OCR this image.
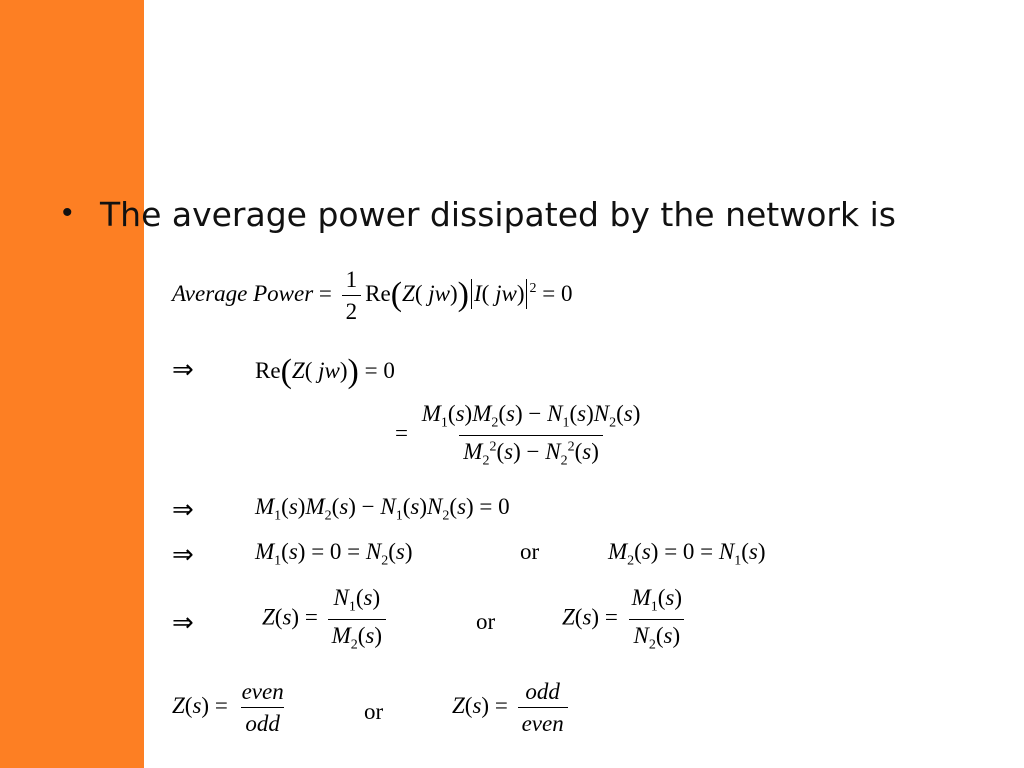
• The average power dissipated by the network is
Average Power = $\frac{1}{2} Re(Z$( jw)) I( jw) $^2$ = 0
⇒	Re(Z( jw)) = 0
= $\frac{M_1(s)M_2(s) - N_1(s)N_2(s)}{M_2^2(s) - N_2^2(s)}$
⇒	$M_1(s)M_2(s) - N_1(s)N_2(s) = 0$
⇒	$M_1(s) = 0 = N_2(s)$	or	$M_2(s) = 0 = N_1(s)$
⇒	$Z(s) = \frac{N_1(s)}{M_2(s)}$	or	$Z(s) = \frac{M_1(s)}{N_2(s)}$
$Z(s) = \frac{\text{even}}{\text{odd}}$	or	$Z(s) = \frac{\text{odd}}{\text{even}}$
